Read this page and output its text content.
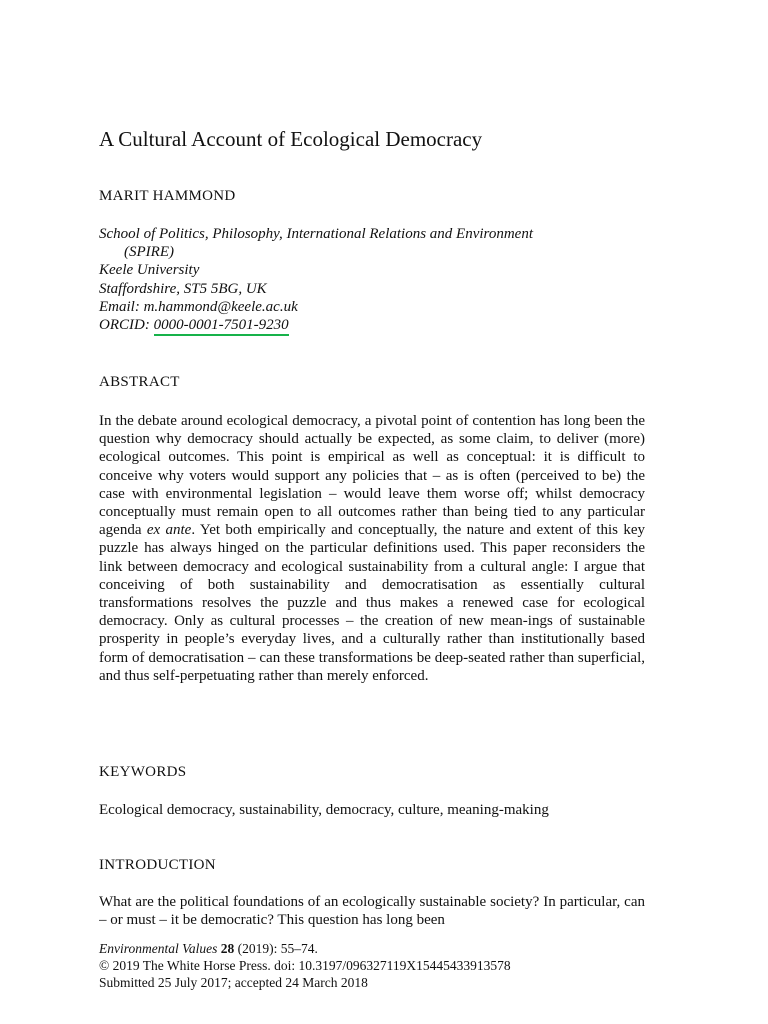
A Cultural Account of Ecological Democracy

MARIT HAMMOND

School of Politics, Philosophy, International Relations and Environment
(SPIRE)
Keele University
Staffordshire, ST5 5BG, UK
Email: m.hammond@keele.ac.uk
ORCID: 0000-0001-7501-9230
ABSTRACT

In the debate around ecological democracy, a pivotal point of contention has long been the question why democracy should actually be expected, as some claim, to deliver (more) ecological outcomes. This point is empirical as well as conceptual: it is difficult to conceive why voters would support any policies that – as is often (perceived to be) the case with environmental legislation – would leave them worse off; whilst democracy conceptually must remain open to all outcomes rather than being tied to any particular agenda ex ante. Yet both empirically and conceptually, the nature and extent of this key puzzle has always hinged on the particular definitions used. This paper reconsiders the link between democracy and ecological sustainability from a cultural angle: I argue that conceiving of both sustainability and democratisation as essentially cultural transformations resolves the puzzle and thus makes a renewed case for ecological democracy. Only as cultural processes – the creation of new mean-ings of sustainable prosperity in people’s everyday lives, and a culturally rather than institutionally based form of democratisation – can these transformations be deep-seated rather than superficial, and thus self-perpetuating rather than merely enforced.

KEYWORDS

Ecological democracy, sustainability, democracy, culture, meaning-making

INTRODUCTION

What are the political foundations of an ecologically sustainable society? In particular, can – or must – it be democratic? This question has long been

Environmental Values 28 (2019): 55–74.
© 2019 The White Horse Press. doi: 10.3197/096327119X15445433913578
Submitted 25 July 2017; accepted 24 March 2018
